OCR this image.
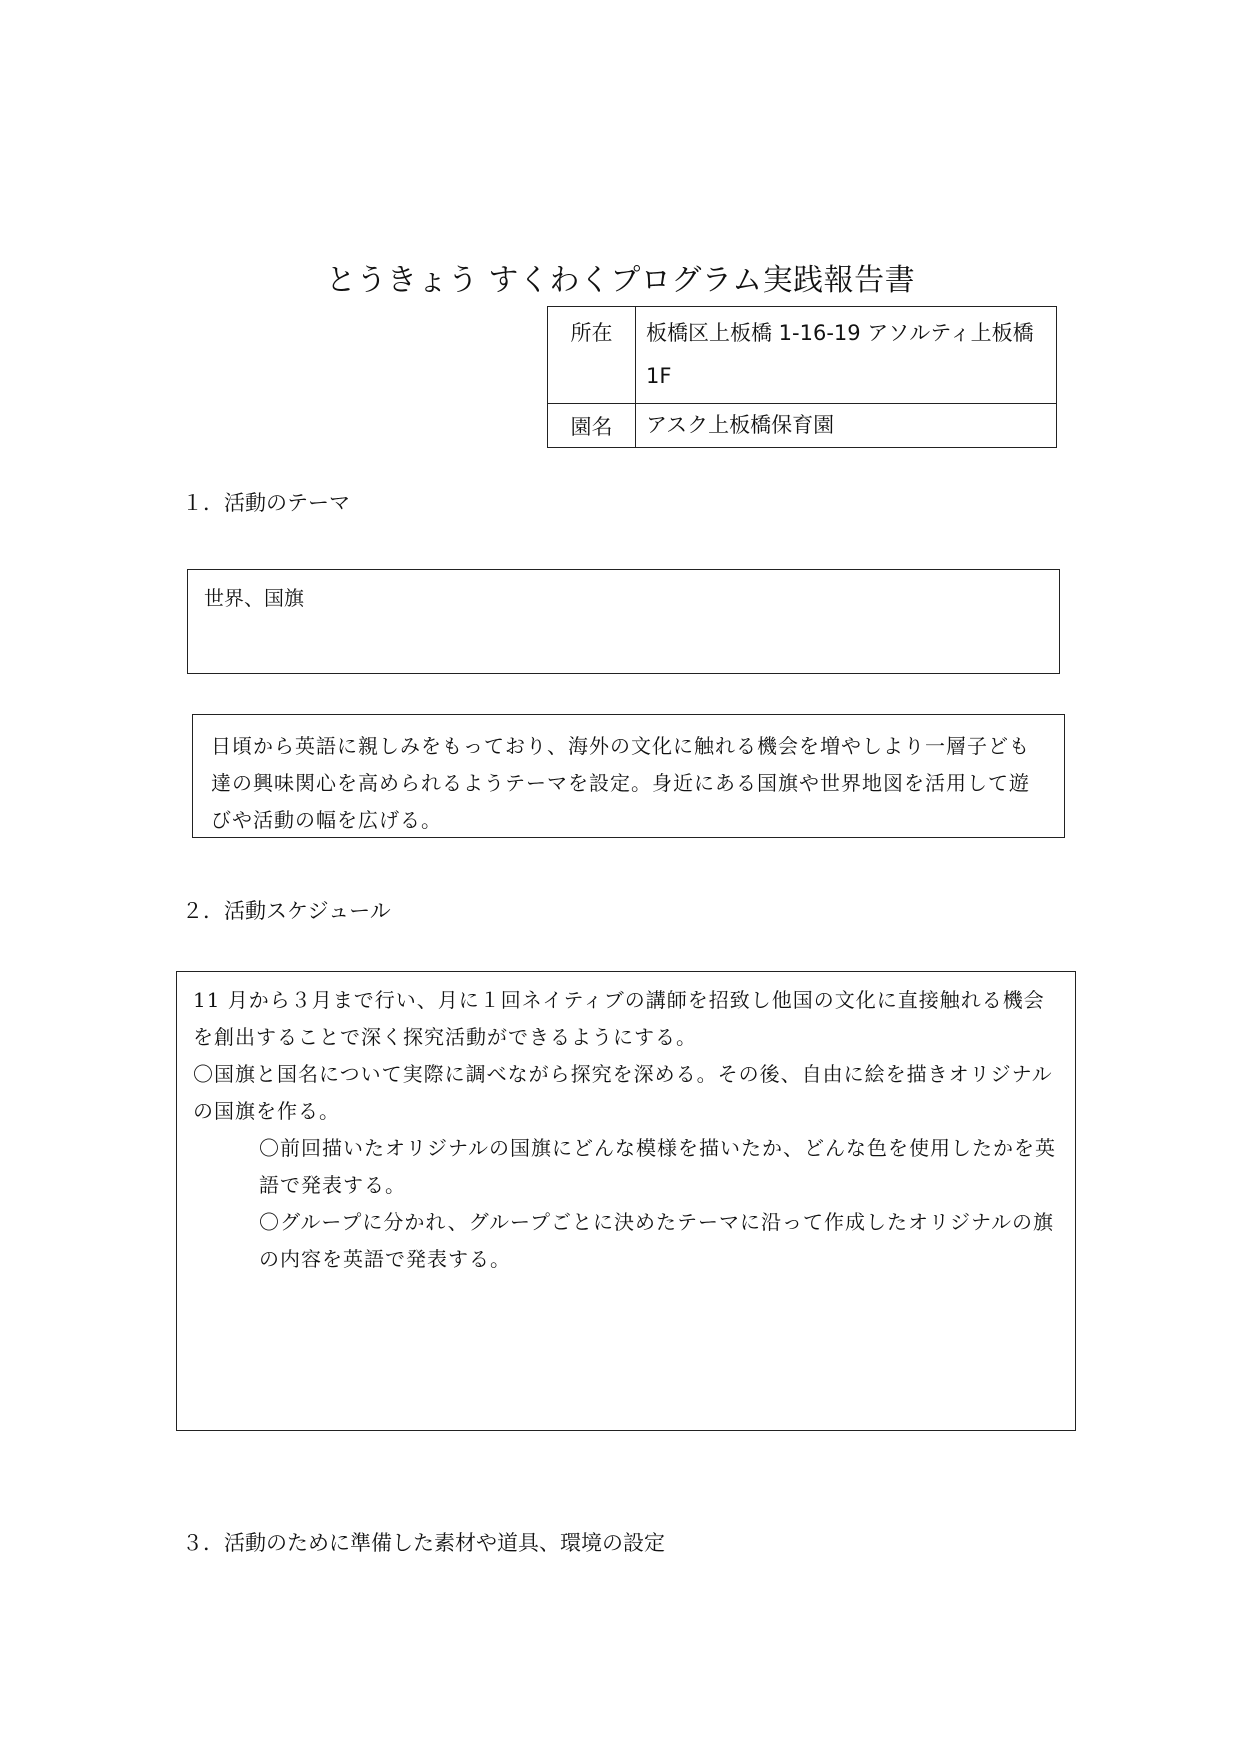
とうきょう すくわくプログラム実践報告書
所在	板橋区上板橋 1-16-19 アソルティ上板橋 1F
園名	アスク上板橋保育園
１．活動のテーマ
世界、国旗
日頃から英語に親しみをもっており、海外の文化に触れる機会を増やしより一層子ども達の興味関心を高められるようテーマを設定。身近にある国旗や世界地図を活用して遊びや活動の幅を広げる。
２．活動スケジュール
11 月から３月まで行い、月に１回ネイティブの講師を招致し他国の文化に直接触れる機会を創出することで深く探究活動ができるようにする。
〇国旗と国名について実際に調べながら探究を深める。その後、自由に絵を描きオリジナルの国旗を作る。
〇前回描いたオリジナルの国旗にどんな模様を描いたか、どんな色を使用したかを英語で発表する。
〇グループに分かれ、グループごとに決めたテーマに沿って作成したオリジナルの旗の内容を英語で発表する。
３．活動のために準備した素材や道具、環境の設定
